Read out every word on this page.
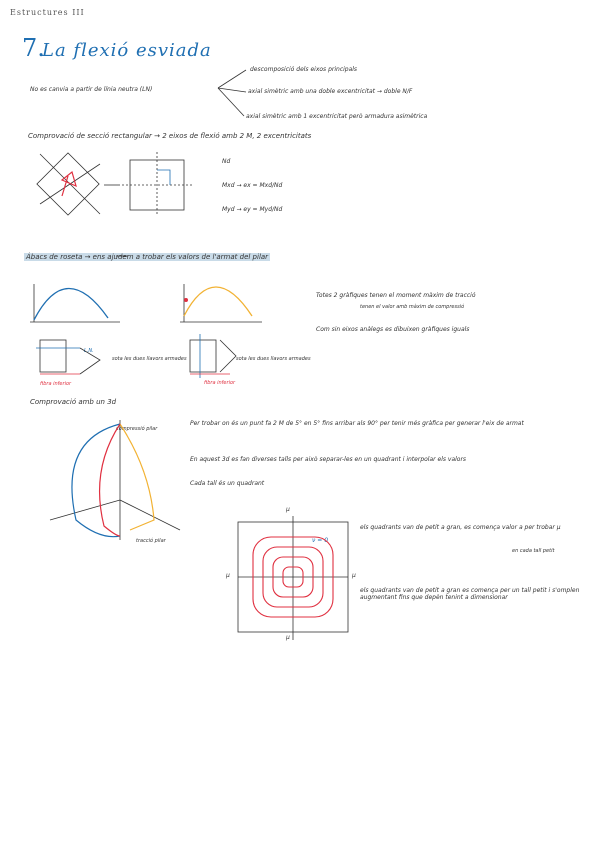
Estructures III
7.
La flexió esviada
No es canvia a partir de línia neutra (LN)
descomposició dels eixos principals
axial simètric amb una doble excentricitat → doble N/F
axial simètric amb 1 excentricitat però armadura asimètrica
Comprovació de secció rectangular → 2 eixos de flexió amb 2 M, 2 excentricitats
Nd
Mxd → ex = Mxd/Nd
Myd → ey = Myd/Nd
Ábacs de roseta → ens ajudem a trobar els valors de l'armat del pilar
Totes 2 gràfiques tenen el moment màxim de tracció
tenen el valor amb màxim de compressió
Com sin eixos anàlegs es dibuixen gràfiques iguals
L.N.
sota les dues llavors armades	sota les dues llavors armades
fibra inferior	fibra inferior
Comprovació amb un 3d
compressió pilar
tracció pilar
Per trobar on és un punt fa 2 M de 5° en 5° fins arribar als 90° per tenir més gràfica per generar l'eix de armat
En aquest 3d es fan diverses talls per això separar-les en un quadrant i interpolar els valors
Cada tall és un quadrant
els quadrants van de petit a gran, es comença valor a per trobar μ
en cada tall petit
els quadrants van de petit a gran es comença per un tall petit i s'omplen augmentant fins que depèn tenint a dimensionar
ν = 0
μ
μ
μ	μ
